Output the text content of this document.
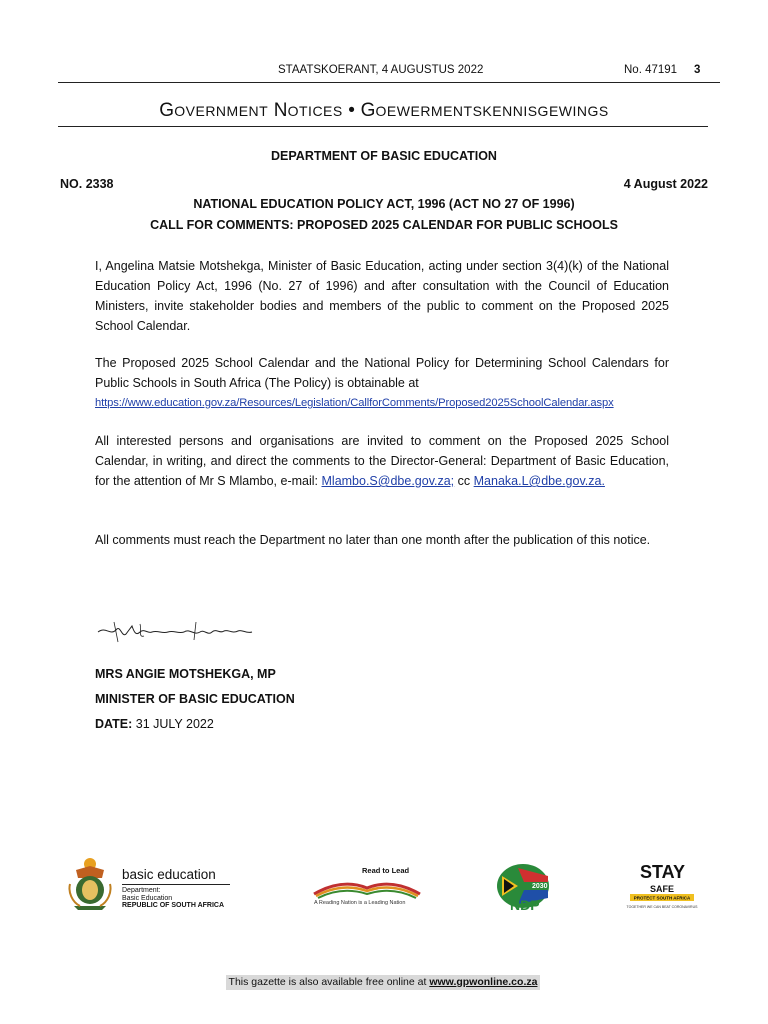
STAATSKOERANT, 4 AUGUSTUS 2022	No. 47191 3
GOVERNMENT NOTICES • GOEWERMENTSKENNISGEWINGS
DEPARTMENT OF BASIC EDUCATION
NO. 2338	4 August 2022
NATIONAL EDUCATION POLICY ACT, 1996 (ACT NO 27 OF 1996)
CALL FOR COMMENTS: PROPOSED 2025 CALENDAR FOR PUBLIC SCHOOLS
I, Angelina Matsie Motshekga, Minister of Basic Education, acting under section 3(4)(k) of the National Education Policy Act, 1996 (No. 27 of 1996) and after consultation with the Council of Education Ministers, invite stakeholder bodies and members of the public to comment on the Proposed 2025 School Calendar.
The Proposed 2025 School Calendar and the National Policy for Determining School Calendars for Public Schools in South Africa (The Policy) is obtainable at
https://www.education.gov.za/Resources/Legislation/CallforComments/Proposed2025SchoolCalendar.aspx
All interested persons and organisations are invited to comment on the Proposed 2025 School Calendar, in writing, and direct the comments to the Director-General: Department of Basic Education, for the attention of Mr S Mlambo, e-mail: Mlambo.S@dbe.gov.za; cc Manaka.L@dbe.gov.za.
All comments must reach the Department no later than one month after the publication of this notice.
MRS ANGIE MOTSHEKGA, MP
MINISTER OF BASIC EDUCATION
DATE: 31 JULY 2022
basic education
Department:
Basic Education
REPUBLIC OF SOUTH AFRICA
Read to Lead
A Reading Nation is a Leading Nation
2030
NDP
STAY
SAFE
PROTECT SOUTH AFRICA
TOGETHER WE CAN BEAT CORONAVIRUS
This gazette is also available free online at www.gpwonline.co.za
